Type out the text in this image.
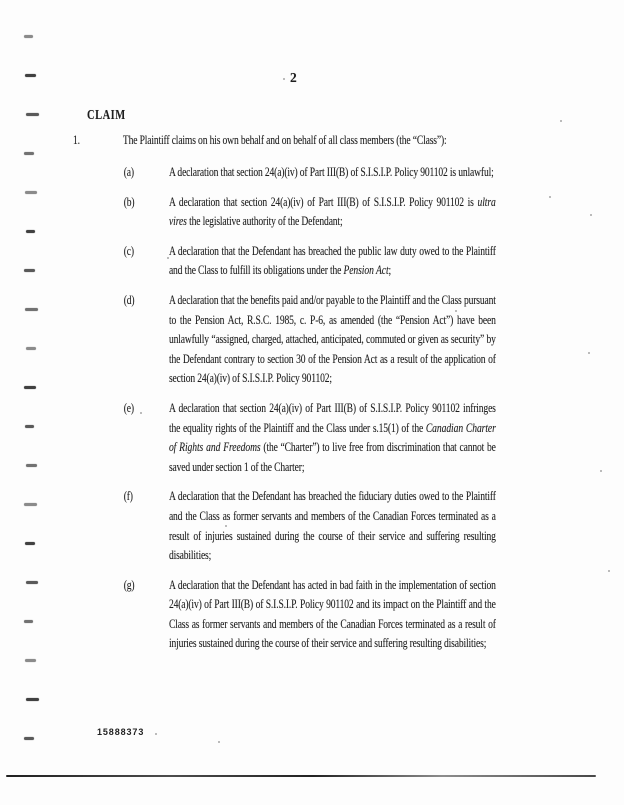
2
CLAIM
1.	The Plaintiff claims on his own behalf and on behalf of all class members (the “Class”):
(a)	A declaration that section 24(a)(iv) of Part III(B) of S.I.S.I.P. Policy 901102 is unlawful;
(b)	A declaration that section 24(a)(iv) of Part III(B) of S.I.S.I.P. Policy 901102 is ultra vires the legislative authority of the Defendant;
(c)	A declaration that the Defendant has breached the public law duty owed to the Plaintiff and the Class to fulfill its obligations under the Pension Act;
(d)	A declaration that the benefits paid and/or payable to the Plaintiff and the Class pursuant to the Pension Act, R.S.C. 1985, c. P-6, as amended (the “Pension Act”) have been unlawfully “assigned, charged, attached, anticipated, commuted or given as security” by the Defendant contrary to section 30 of the Pension Act as a result of the application of section 24(a)(iv) of S.I.S.I.P. Policy 901102;
(e)	A declaration that section 24(a)(iv) of Part III(B) of S.I.S.I.P. Policy 901102 infringes the equality rights of the Plaintiff and the Class under s.15(1) of the Canadian Charter of Rights and Freedoms (the “Charter”) to live free from discrimination that cannot be saved under section 1 of the Charter;
(f)	A declaration that the Defendant has breached the fiduciary duties owed to the Plaintiff and the Class as former servants and members of the Canadian Forces terminated as a result of injuries sustained during the course of their service and suffering resulting disabilities;
(g)	A declaration that the Defendant has acted in bad faith in the implementation of section 24(a)(iv) of Part III(B) of S.I.S.I.P. Policy 901102 and its impact on the Plaintiff and the Class as former servants and members of the Canadian Forces terminated as a result of injuries sustained during the course of their service and suffering resulting disabilities;
15888373
